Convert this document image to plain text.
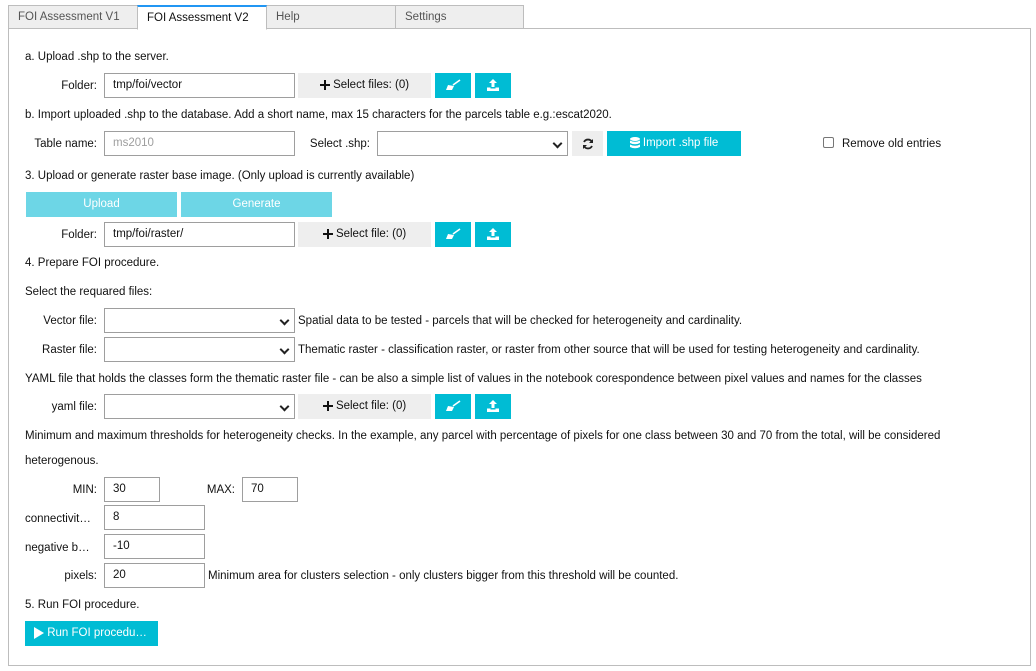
FOI Assessment V1	FOI Assessment V2	Help	Settings
a. Upload .shp to the server.
Folder:	tmp/foi/vector	Select files: (0)
b. Import uploaded .shp to the database. Add a short name, max 15 characters for the parcels table e.g.:escat2020.
Table name:	ms2010	Select .shp:	Import .shp file	Remove old entries
3. Upload or generate raster base image. (Only upload is currently available)
Upload	Generate
Folder:	tmp/foi/raster/	Select file: (0)
4. Prepare FOI procedure.
Select the requared files:
Vector file:	Spatial data to be tested - parcels that will be checked for heterogeneity and cardinality.
Raster file:	Thematic raster - classification raster, or raster from other source that will be used for testing heterogeneity and cardinality.
YAML file that holds the classes form the thematic raster file - can be also a simple list of values in the notebook corespondence between pixel values and names for the classes
yaml file:	Select file: (0)
Minimum and maximum thresholds for heterogeneity checks. In the example, any parcel with percentage of pixels for one class between 30 and 70 from the total, will be considered
heterogenous.
MIN:	30	MAX:	70
connectivit…	8
negative b…	-10
pixels:	20	Minimum area for clusters selection - only clusters bigger from this threshold will be counted.
5. Run FOI procedure.
Run FOI procedu…
